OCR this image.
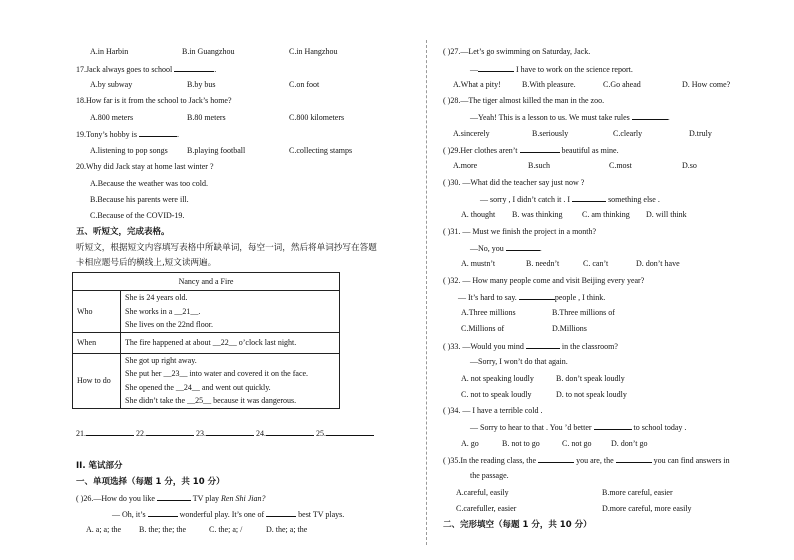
A.in Harbin	B.in Guangzhou	C.in Hangzhou
17.Jack always goes to school	.
A.by subway	B.by bus	C.on foot
18.How far is it from the school to Jack’s home?
A.800 meters	B.80 meters	C.800 kilometers
19.Tony’s hobby is	.
A.listening to pop songs B.playing football	C.collecting stamps
20.Why did Jack stay at home last winter ?
A.Because the weather was too cold.
B.Because his parents were ill.
C.Because of the COVID-19.
五、听短文，完成表格。
听短文，根据短文内容填写表格中所缺单词，每空一词，然后将单词抄写在答题
卡相应题号后的横线上,短文读两遍。
Nancy and a Fire	
Who	She is 24 years old.
She works in a __21__.
She lives on the 22nd floor.

When	The fire happened at about __22__ o’clock last night.

How to do	She got up right away.
She put her __23__ into water and covered it on the face.
She opened the __24__ and went out quickly.
She didn’t take the __25__ because it was dangerous.
21.	22.	23.	24.	25.
II. 笔试部分
一、单项选择（每题 1 分，共 10 分）
( )26.—How do you like	TV play Ren Shi Jian?
— Oh, it’s	wonderful play. It’s one of	best TV plays.
A. a; a; the B. the; the; the	C. the; a; /	D. the; a; the
( )27.—Let’s go swimming on Saturday, Jack.
—	I have to work on the science report.
A.What a pity!	B.With pleasure.	C.Go ahead	D. How come?
( )28.—The tiger almost killed the man in the zoo.
—Yeah! This is a lesson to us. We must take rules	.
A.sincerely	B.seriously	C.clearly	D.truly
( )29.Her clothes aren’t	beautiful as mine.
A.more	B.such	C.most	D.so
( )30. —What did the teacher say just now ?
— sorry , I didn’t catch it . I	something else .
A. thought B. was thinking C. am thinking D. will think
( )31. — Must we finish the project in a month?
—No, you	.
A. mustn’t	B. needn’t	C. can’t	D. don’t have
( )32. — How many people come and visit Beijing every year?
— It’s hard to say.	people , I think.
A.Three millions	B.Three millions of
C.Millions of	D.Millions
( )33. —Would you mind	in the classroom?
—Sorry, I won’t do that again.
A. not speaking loudly	B. don’t speak loudly
C. not to speak loudly	D. to not speak loudly
( )34. — I have a terrible cold .
— Sorry to hear to that . You ’d better	to school today .
A. go	B. not to go	C. not go D. don’t go
( )35.In the reading class, the	you are, the	you can find answers in
the passage.
A.careful, easily	B.more careful, easier
C.carefuller, easier	D.more careful, more easily
二、完形填空（每题 1 分，共 10 分）
